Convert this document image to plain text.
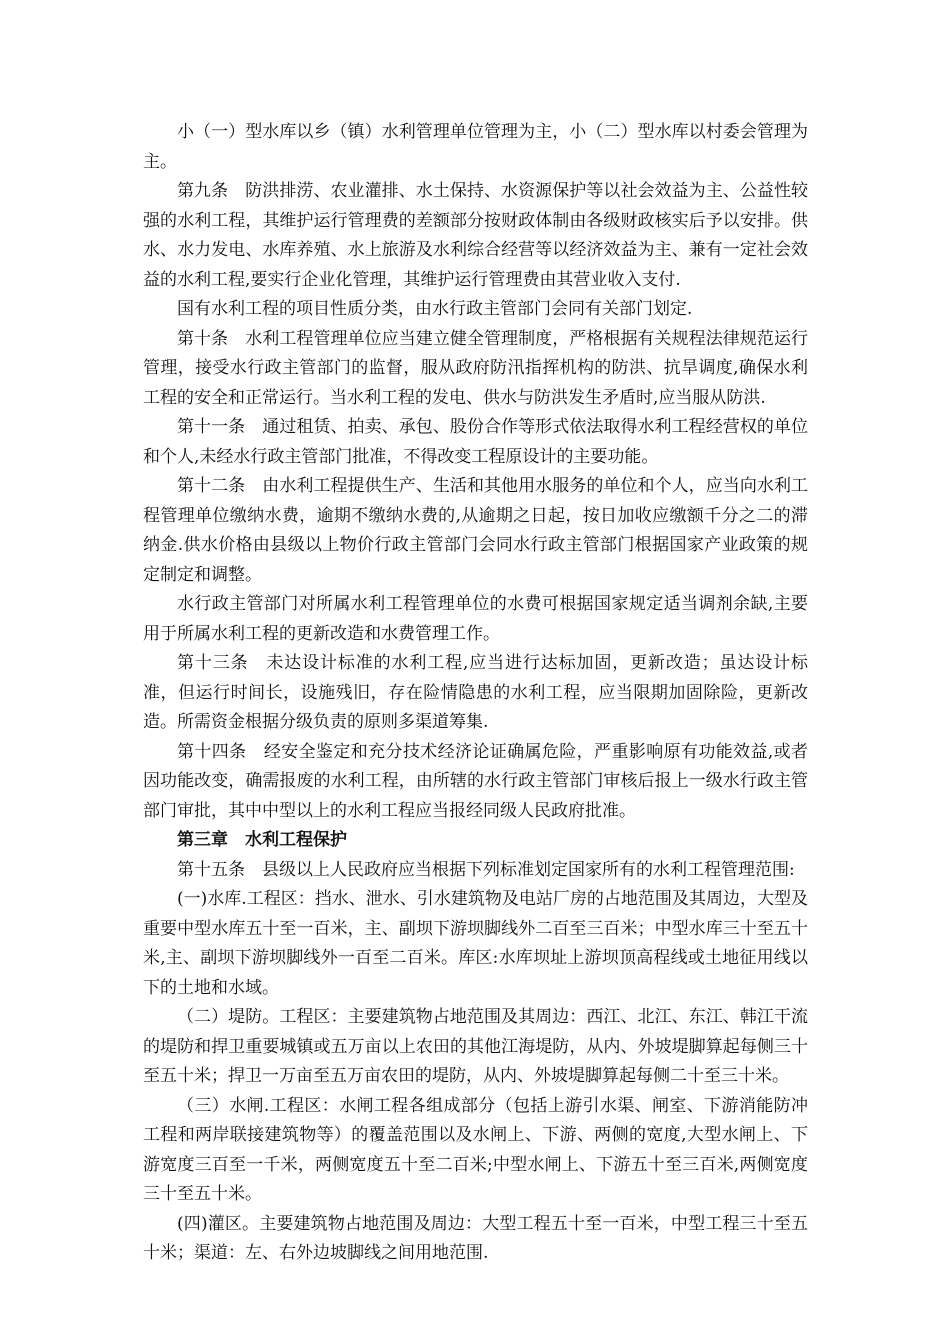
小（一）型水库以乡（镇）水利管理单位管理为主，小（二）型水库以村委会管理为主。

第九条　防洪排涝、农业灌排、水土保持、水资源保护等以社会效益为主、公益性较强的水利工程，其维护运行管理费的差额部分按财政体制由各级财政核实后予以安排。供水、水力发电、水库养殖、水上旅游及水利综合经营等以经济效益为主、兼有一定社会效益的水利工程,要实行企业化管理，其维护运行管理费由其营业收入支付.

国有水利工程的项目性质分类，由水行政主管部门会同有关部门划定.

第十条　水利工程管理单位应当建立健全管理制度，严格根据有关规程法律规范运行管理，接受水行政主管部门的监督，服从政府防汛指挥机构的防洪、抗旱调度,确保水利工程的安全和正常运行。当水利工程的发电、供水与防洪发生矛盾时,应当服从防洪.

第十一条　通过租赁、拍卖、承包、股份合作等形式依法取得水利工程经营权的单位和个人,未经水行政主管部门批准，不得改变工程原设计的主要功能。

第十二条　由水利工程提供生产、生活和其他用水服务的单位和个人，应当向水利工程管理单位缴纳水费，逾期不缴纳水费的,从逾期之日起，按日加收应缴额千分之二的滞纳金.供水价格由县级以上物价行政主管部门会同水行政主管部门根据国家产业政策的规定制定和调整。

水行政主管部门对所属水利工程管理单位的水费可根据国家规定适当调剂余缺,主要用于所属水利工程的更新改造和水费管理工作。

第十三条　未达设计标准的水利工程,应当进行达标加固，更新改造；虽达设计标准，但运行时间长，设施残旧，存在险情隐患的水利工程，应当限期加固除险，更新改造。所需资金根据分级负责的原则多渠道筹集.

第十四条　经安全鉴定和充分技术经济论证确属危险，严重影响原有功能效益,或者因功能改变，确需报废的水利工程，由所辖的水行政主管部门审核后报上一级水行政主管部门审批，其中中型以上的水利工程应当报经同级人民政府批准。

第三章　水利工程保护

第十五条　县级以上人民政府应当根据下列标准划定国家所有的水利工程管理范围:

(一)水库.工程区：挡水、泄水、引水建筑物及电站厂房的占地范围及其周边，大型及重要中型水库五十至一百米，主、副坝下游坝脚线外二百至三百米；中型水库三十至五十米,主、副坝下游坝脚线外一百至二百米。库区:水库坝址上游坝顶高程线或土地征用线以下的土地和水域。

（二）堤防。工程区：主要建筑物占地范围及其周边：西江、北江、东江、韩江干流的堤防和捍卫重要城镇或五万亩以上农田的其他江海堤防，从内、外坡堤脚算起每侧三十至五十米；捍卫一万亩至五万亩农田的堤防，从内、外坡堤脚算起每侧二十至三十米。

（三）水闸.工程区：水闸工程各组成部分（包括上游引水渠、闸室、下游消能防冲工程和两岸联接建筑物等）的覆盖范围以及水闸上、下游、两侧的宽度,大型水闸上、下游宽度三百至一千米，两侧宽度五十至二百米;中型水闸上、下游五十至三百米,两侧宽度三十至五十米。

(四)灌区。主要建筑物占地范围及周边：大型工程五十至一百米，中型工程三十至五十米；渠道：左、右外边坡脚线之间用地范围.
